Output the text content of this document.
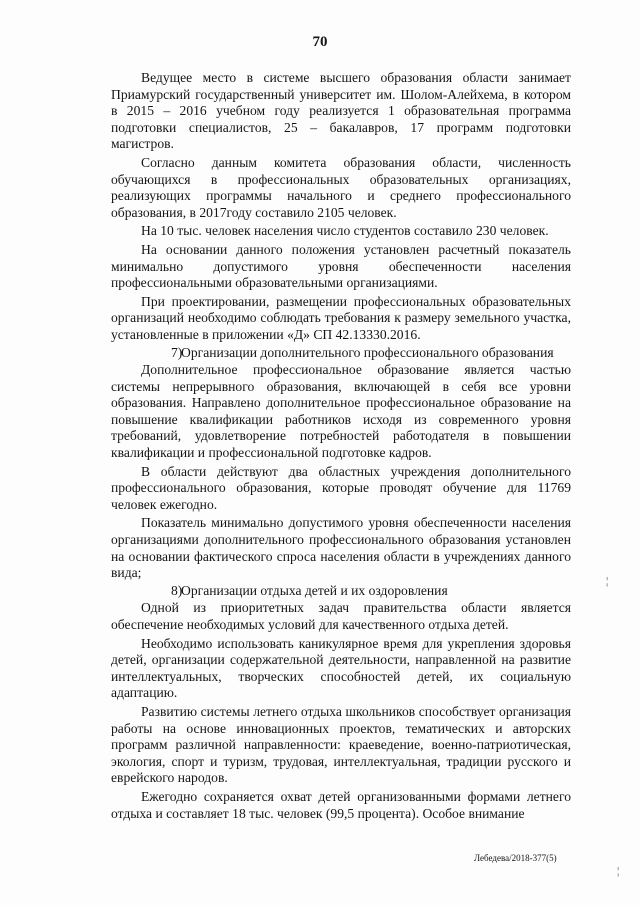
70

Ведущее место в системе высшего образования области занимает Приамурский государственный университет им. Шолом-Алейхема, в котором в 2015 – 2016 учебном году реализуется 1 образовательная программа подготовки специалистов, 25 – бакалавров, 17 программ подготовки магистров.

Согласно данным комитета образования области, численность обучающихся в профессиональных образовательных организациях, реализующих программы начального и среднего профессионального образования, в 2017году составило 2105 человек.

На 10 тыс. человек населения число студентов составило 230 человек.

На основании данного положения установлен расчетный показатель минимально допустимого уровня обеспеченности населения профессиональными образовательными организациями.

При проектировании, размещении профессиональных образовательных организаций необходимо соблюдать требования к размеру земельного участка, установленные в приложении «Д» СП 42.13330.2016.

7)Организации дополнительного профессионального образования

Дополнительное профессиональное образование является частью системы непрерывного образования, включающей в себя все уровни образования. Направлено дополнительное профессиональное образование на повышение квалификации работников исходя из современного уровня требований, удовлетворение потребностей работодателя в повышении квалификации и профессиональной подготовке кадров.

В области действуют два областных учреждения дополнительного профессионального образования, которые проводят обучение для 11769 человек ежегодно.

Показатель минимально допустимого уровня обеспеченности населения организациями дополнительного профессионального образования установлен на основании фактического спроса населения области в учреждениях данного вида;

8)Организации отдыха детей и их оздоровления

Одной из приоритетных задач правительства области является обеспечение необходимых условий для качественного отдыха детей.

Необходимо использовать каникулярное время для укрепления здоровья детей, организации содержательной деятельности, направленной на развитие интеллектуальных, творческих способностей детей, их социальную адаптацию.

Развитию системы летнего отдыха школьников способствует организация работы на основе инновационных проектов, тематических и авторских программ различной направленности: краеведение, военно-патриотическая, экология, спорт и туризм, трудовая, интеллектуальная, традиции русского и еврейского народов.

Ежегодно сохраняется охват детей организованными формами летнего отдыха и составляет 18 тыс. человек (99,5 процента). Особое внимание

Лебедева/2018-377(5)
¦
¦
